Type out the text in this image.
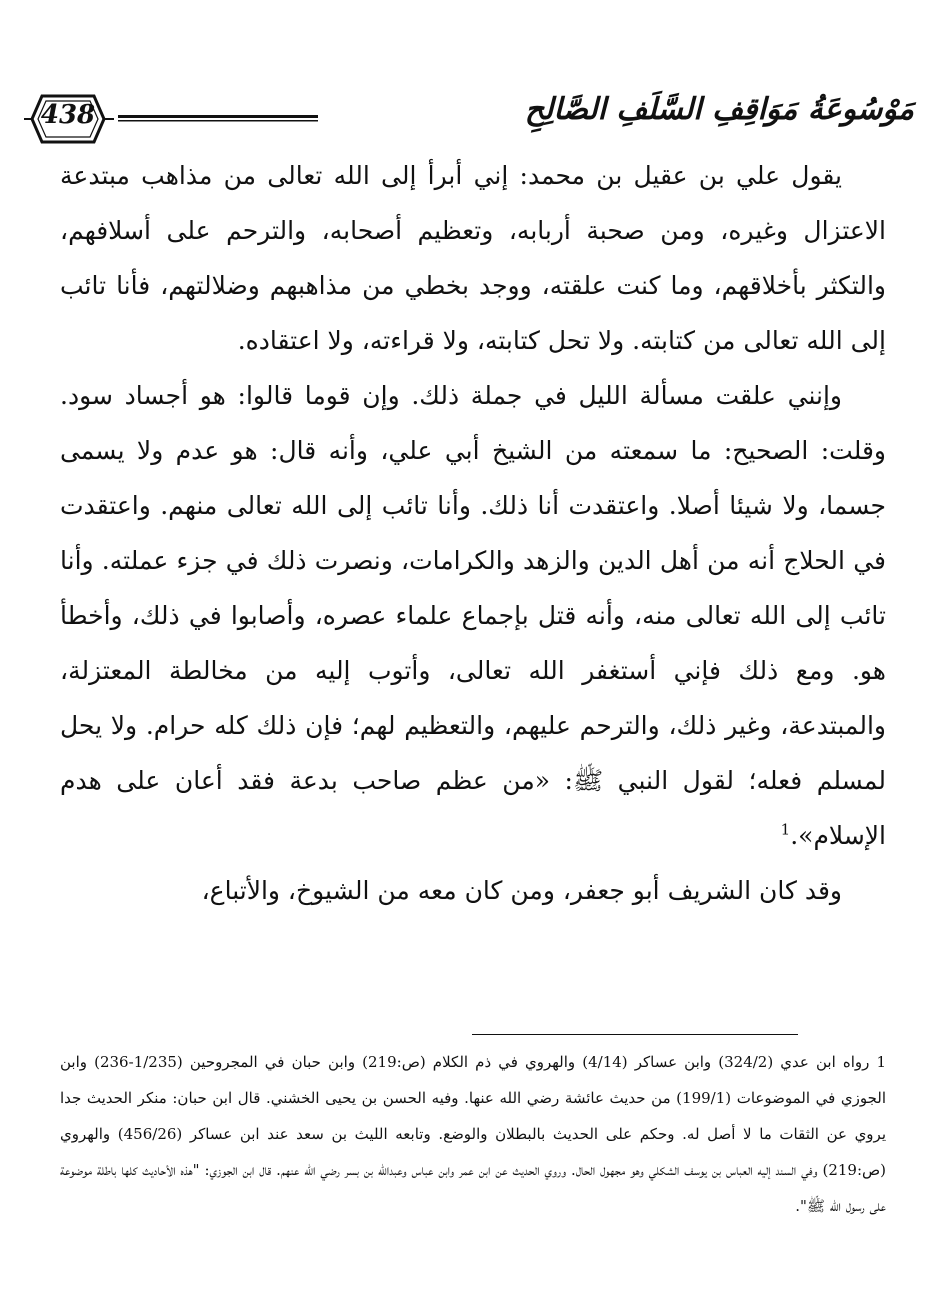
438	مَوْسُوعَةُ مَوَاقِفِ السَّلَفِ الصَّالِحِ

يقول علي بن عقيل بن محمد: إني أبرأ إلى الله تعالى من مذاهب مبتدعة الاعتزال وغيره، ومن صحبة أربابه، وتعظيم أصحابه، والترحم على أسلافهم، والتكثر بأخلاقهم، وما كنت علقته، ووجد بخطي من مذاهبهم وضلالتهم، فأنا تائب إلى الله تعالى من كتابته. ولا تحل كتابته، ولا قراءته، ولا اعتقاده.

وإنني علقت مسألة الليل في جملة ذلك. وإن قوما قالوا: هو أجساد سود. وقلت: الصحيح: ما سمعته من الشيخ أبي علي، وأنه قال: هو عدم ولا يسمى جسما، ولا شيئا أصلا. واعتقدت أنا ذلك. وأنا تائب إلى الله تعالى منهم. واعتقدت في الحلاج أنه من أهل الدين والزهد والكرامات، ونصرت ذلك في جزء عملته. وأنا تائب إلى الله تعالى منه، وأنه قتل بإجماع علماء عصره، وأصابوا في ذلك، وأخطأ هو. ومع ذلك فإني أستغفر الله تعالى، وأتوب إليه من مخالطة المعتزلة، والمبتدعة، وغير ذلك، والترحم عليهم، والتعظيم لهم؛ فإن ذلك كله حرام. ولا يحل لمسلم فعله؛ لقول النبي ﷺ: «من عظم صاحب بدعة فقد أعان على هدم الإسلام».$^1$

وقد كان الشريف أبو جعفر، ومن كان معه من الشيوخ، والأتباع،

1 رواه ابن عدي (324/2) وابن عساكر (4/14) والهروي في ذم الكلام (ص:219) وابن حبان في المجروحين (1/235-236) وابن الجوزي في الموضوعات (199/1) من حديث عائشة رضي الله عنها. وفيه الحسن بن يحيى الخشني. قال ابن حبان: منكر الحديث جدا يروي عن الثقات ما لا أصل له. وحكم على الحديث بالبطلان والوضع. وتابعه الليث بن سعد عند ابن عساكر (456/26) والهروي (ص:219) وفي السند إليه العباس بن يوسف الشكلي وهو مجهول الحال. وروي الحديث عن ابن عمر وابن عباس وعبدالله بن بسر رضي الله عنهم. قال ابن الجوزي: "هذه الأحاديث كلها باطلة موضوعة على رسول الله ﷺ".
